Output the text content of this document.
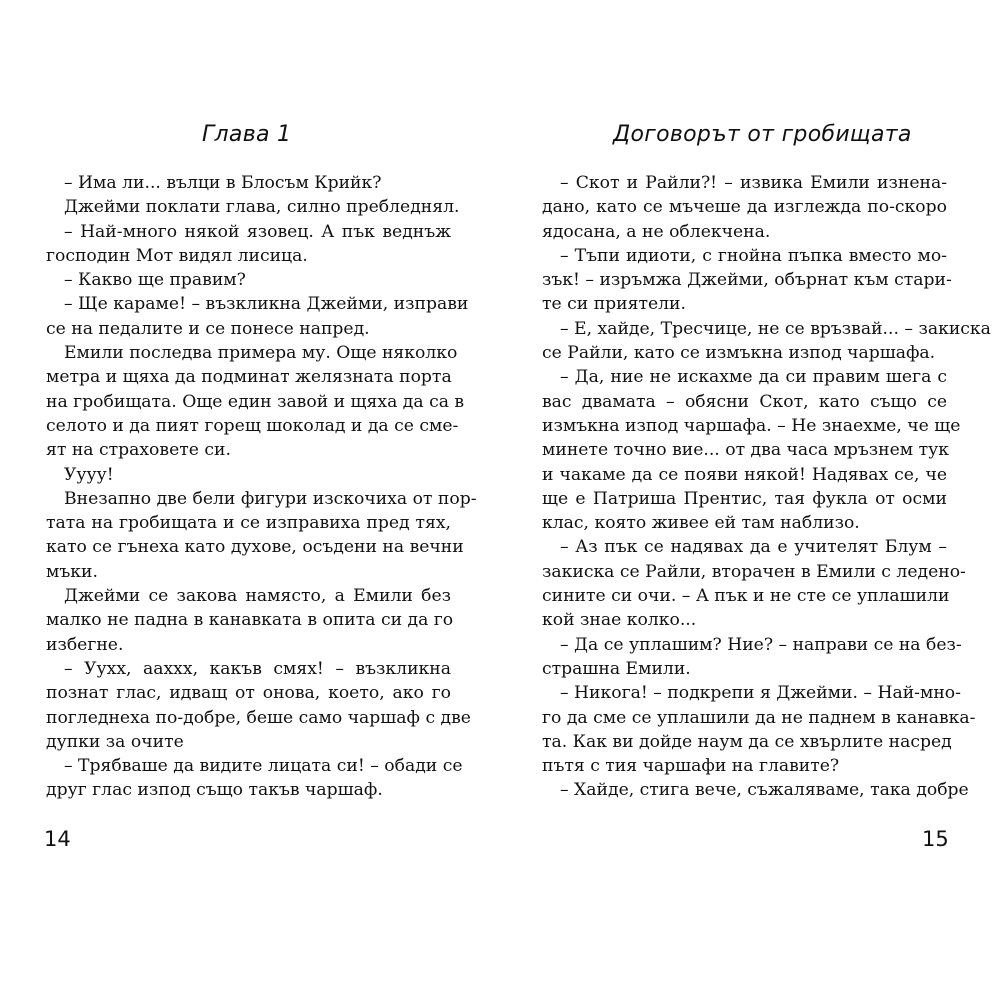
Глава 1
– Има ли... вълци в Блосъм Крийк?
Джейми поклати глава, силно пребледнял.
– Най-много някой язовец. А пък веднъж
господин Мот видял лисица.
– Какво ще правим?
– Ще караме! – възкликна Джейми, изправи
се на педалите и се понесе напред.
Емили последва примера му. Още няколко
метра и щяха да подминат желязната порта
на гробищата. Още един завой и щяха да са в
селото и да пият горещ шоколад и да се сме-
ят на страховете си.
Уууу!
Внезапно две бели фигури изскочиха от пор-
тата на гробищата и се изправиха пред тях,
като се гънеха като духове, осъдени на вечни
мъки.
Джейми се закова намясто, а Емили без
малко не падна в канавката в опита си да го
избегне.
– Уухх, ааххх, какъв смях! – възкликна
познат глас, идващ от онова, което, ако го
погледнеха по-добре, беше само чаршаф с две
дупки за очите
– Трябваше да видите лицата си! – обади се
друг глас изпод също такъв чаршаф.
14
Договорът от гробищата
– Скот и Райли?! – извика Емили изнена-
дано, като се мъчеше да изглежда по-скоро
ядосана, а не облекчена.
– Тъпи идиоти, с гнойна пъпка вместо мо-
зък! – изръмжа Джейми, обърнат към стари-
те си приятели.
– Е, хайде, Тресчице, не се връзвай... – закиска
се Райли, като се измъкна изпод чаршафа.
– Да, ние не искахме да си правим шега с
вас двамата – обясни Скот, като също се
измъкна изпод чаршафа. – Не знаехме, че ще
минете точно вие... от два часа мръзнем тук
и чакаме да се появи някой! Надявах се, че
ще е Патриша Прентис, тая фукла от осми
клас, която живее ей там наблизо.
– Аз пък се надявах да е учителят Блум –
закиска се Райли, вторачен в Емили с ледено-
сините си очи. – А пък и не сте се уплашили
кой знае колко...
– Да се уплашим? Ние? – направи се на без-
страшна Емили.
– Никога! – подкрепи я Джейми. – Най-мно-
го да сме се уплашили да не паднем в канавка-
та. Как ви дойде наум да се хвърлите насред
пътя с тия чаршафи на главите?
– Хайде, стига вече, съжаляваме, така добре
15
